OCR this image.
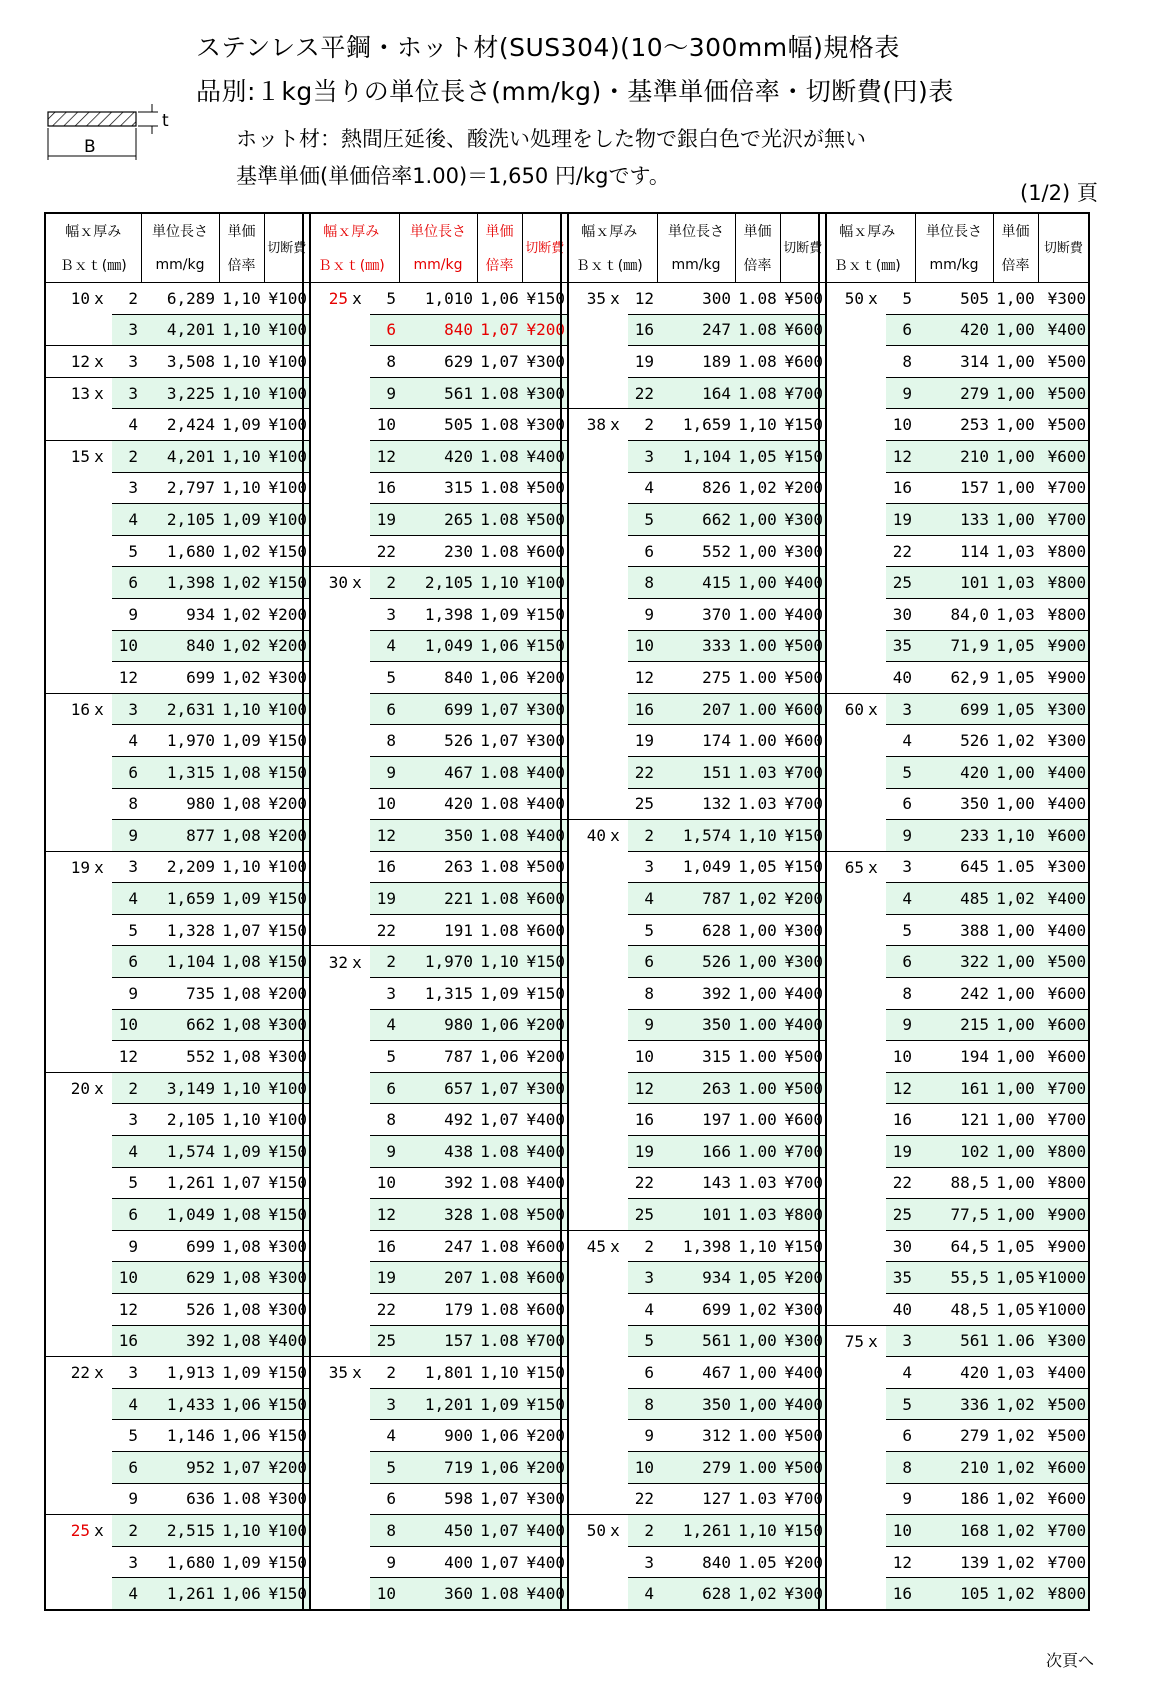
ステンレス平鋼・ホット材(SUS304)(10～300mm幅)規格表
品別:１kg当りの単位長さ(mm/kg)・基準単価倍率・切断費(円)表
ホット材：熱間圧延後、酸洗い処理をした物で銀白色で光沢が無い
基準単価(単価倍率1.00)＝1,650 円/kgです。
(1/2) 頁
t
B
幅ｘ厚み		単位長さ	単価	切断費
Ｂｘｔ(㎜)		mm/kg	倍率	
10 x	2	6,289	1,10	¥100
	3	4,201	1,10	¥100
12 x	3	3,508	1,10	¥100
13 x	3	3,225	1,10	¥100
	4	2,424	1,09	¥100
15 x	2	4,201	1,10	¥100
	3	2,797	1,10	¥100
	4	2,105	1,09	¥100
	5	1,680	1,02	¥150
	6	1,398	1,02	¥150
	9	934	1,02	¥200
	10	840	1,02	¥200
	12	699	1,02	¥300
16 x	3	2,631	1,10	¥100
	4	1,970	1,09	¥150
	6	1,315	1,08	¥150
	8	980	1,08	¥200
	9	877	1,08	¥200
19 x	3	2,209	1,10	¥100
	4	1,659	1,09	¥150
	5	1,328	1,07	¥150
	6	1,104	1,08	¥150
	9	735	1,08	¥200
	10	662	1,08	¥300
	12	552	1,08	¥300
20 x	2	3,149	1,10	¥100
	3	2,105	1,10	¥100
	4	1,574	1,09	¥150
	5	1,261	1,07	¥150
	6	1,049	1,08	¥150
	9	699	1,08	¥300
	10	629	1,08	¥300
	12	526	1,08	¥300
	16	392	1,08	¥400
22 x	3	1,913	1,09	¥150
	4	1,433	1,06	¥150
	5	1,146	1,06	¥150
	6	952	1,07	¥200
	9	636	1.08	¥300
25 x	2	2,515	1,10	¥100
	3	1,680	1,09	¥150
	4	1,261	1,06	¥150
幅ｘ厚み		単位長さ	単価	切断費
Ｂｘｔ(㎜)		mm/kg	倍率	
25 x	5	1,010	1,06	¥150
	6	840	1,07	¥200
	8	629	1,07	¥300
	9	561	1.08	¥300
	10	505	1.08	¥300
	12	420	1.08	¥400
	16	315	1.08	¥500
	19	265	1.08	¥500
	22	230	1.08	¥600
30 x	2	2,105	1,10	¥100
	3	1,398	1,09	¥150
	4	1,049	1,06	¥150
	5	840	1,06	¥200
	6	699	1,07	¥300
	8	526	1,07	¥300
	9	467	1.08	¥400
	10	420	1.08	¥400
	12	350	1.08	¥400
	16	263	1.08	¥500
	19	221	1.08	¥600
	22	191	1.08	¥600
32 x	2	1,970	1,10	¥150
	3	1,315	1,09	¥150
	4	980	1,06	¥200
	5	787	1,06	¥200
	6	657	1,07	¥300
	8	492	1,07	¥400
	9	438	1.08	¥400
	10	392	1.08	¥400
	12	328	1.08	¥500
	16	247	1.08	¥600
	19	207	1.08	¥600
	22	179	1.08	¥600
	25	157	1.08	¥700
35 x	2	1,801	1,10	¥150
	3	1,201	1,09	¥150
	4	900	1,06	¥200
	5	719	1,06	¥200
	6	598	1,07	¥300
	8	450	1,07	¥400
	9	400	1,07	¥400
	10	360	1.08	¥400
幅ｘ厚み		単位長さ	単価	切断費
Ｂｘｔ(㎜)		mm/kg	倍率	
35 x	12	300	1.08	¥500
	16	247	1.08	¥600
	19	189	1.08	¥600
	22	164	1.08	¥700
38 x	2	1,659	1,10	¥150
	3	1,104	1,05	¥150
	4	826	1,02	¥200
	5	662	1,00	¥300
	6	552	1,00	¥300
	8	415	1,00	¥400
	9	370	1.00	¥400
	10	333	1.00	¥500
	12	275	1.00	¥500
	16	207	1.00	¥600
	19	174	1.00	¥600
	22	151	1.03	¥700
	25	132	1.03	¥700
40 x	2	1,574	1,10	¥150
	3	1,049	1,05	¥150
	4	787	1,02	¥200
	5	628	1,00	¥300
	6	526	1,00	¥300
	8	392	1,00	¥400
	9	350	1.00	¥400
	10	315	1.00	¥500
	12	263	1.00	¥500
	16	197	1.00	¥600
	19	166	1.00	¥700
	22	143	1.03	¥700
	25	101	1.03	¥800
45 x	2	1,398	1,10	¥150
	3	934	1,05	¥200
	4	699	1,02	¥300
	5	561	1,00	¥300
	6	467	1,00	¥400
	8	350	1,00	¥400
	9	312	1.00	¥500
	10	279	1.00	¥500
	22	127	1.03	¥700
50 x	2	1,261	1,10	¥150
	3	840	1.05	¥200
	4	628	1,02	¥300
幅ｘ厚み		単位長さ	単価	切断費
Ｂｘｔ(㎜)		mm/kg	倍率	
50 x	5	505	1,00	¥300
	6	420	1,00	¥400
	8	314	1,00	¥500
	9	279	1,00	¥500
	10	253	1,00	¥500
	12	210	1,00	¥600
	16	157	1,00	¥700
	19	133	1,00	¥700
	22	114	1,03	¥800
	25	101	1,03	¥800
	30	84,0	1,03	¥800
	35	71,9	1,05	¥900
	40	62,9	1,05	¥900
60 x	3	699	1,05	¥300
	4	526	1,02	¥300
	5	420	1,00	¥400
	6	350	1,00	¥400
	9	233	1,10	¥600
65 x	3	645	1.05	¥300
	4	485	1,02	¥400
	5	388	1,00	¥400
	6	322	1,00	¥500
	8	242	1,00	¥600
	9	215	1,00	¥600
	10	194	1,00	¥600
	12	161	1,00	¥700
	16	121	1,00	¥700
	19	102	1,00	¥800
	22	88,5	1,00	¥800
	25	77,5	1,00	¥900
	30	64,5	1,05	¥900
	35	55,5	1,05	¥1000
	40	48,5	1,05	¥1000
75 x	3	561	1.06	¥300
	4	420	1,03	¥400
	5	336	1,02	¥500
	6	279	1,02	¥500
	8	210	1,02	¥600
	9	186	1,02	¥600
	10	168	1,02	¥700
	12	139	1,02	¥700
	16	105	1,02	¥800
次頁へ
